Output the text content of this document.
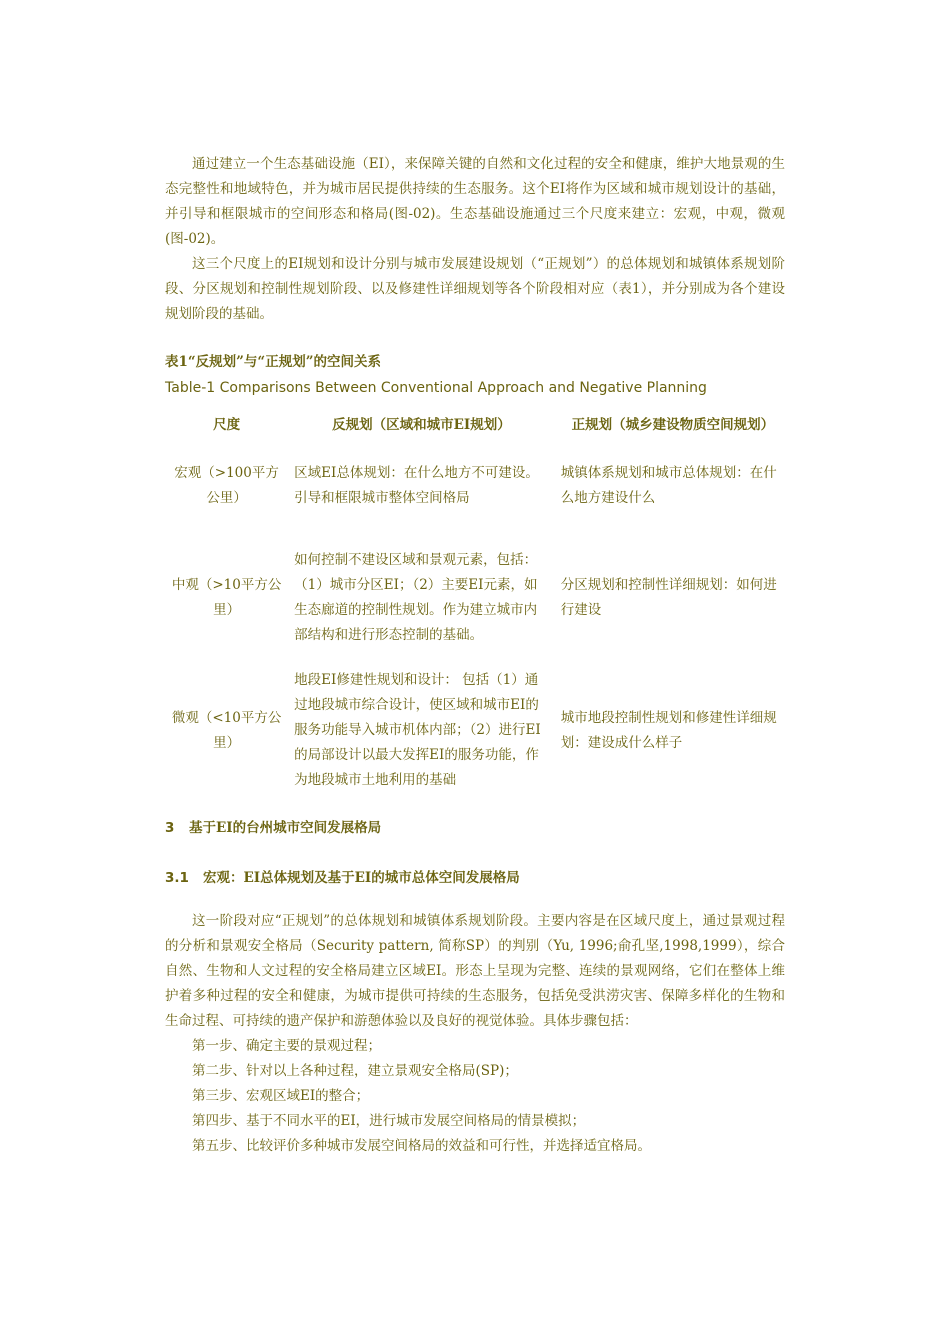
通过建立一个生态基础设施（EI），来保障关键的自然和文化过程的安全和健康，维护大地景观的生态完整性和地域特色，并为城市居民提供持续的生态服务。这个EI将作为区域和城市规划设计的基础，并引导和框限城市的空间形态和格局(图-02)。生态基础设施通过三个尺度来建立：宏观，中观，微观(图-02)。

这三个尺度上的EI规划和设计分别与城市发展建设规划（“正规划”）的总体规划和城镇体系规划阶段、分区规划和控制性规划阶段、以及修建性详细规划等各个阶段相对应（表1），并分别成为各个建设规划阶段的基础。

表1“反规划”与“正规划”的空间关系
Table-1 Comparisons Between Conventional Approach and Negative Planning
尺度	反规划（区域和城市EI规划）	正规划（城乡建设物质空间规划）
宏观（>100平方公里）	区域EI总体规划：在什么地方不可建设。引导和框限城市整体空间格局	城镇体系规划和城市总体规划：在什么地方建设什么
中观（>10平方公里）	如何控制不建设区域和景观元素，包括：（1）城市分区EI；（2）主要EI元素，如生态廊道的控制性规划。作为建立城市内部结构和进行形态控制的基础。	分区规划和控制性详细规划：如何进行建设
微观（<10平方公里）	地段EI修建性规划和设计： 包括（1）通过地段城市综合设计，使区域和城市EI的服务功能导入城市机体内部；（2）进行EI的局部设计以最大发挥EI的服务功能，作为地段城市土地利用的基础	城市地段控制性规划和修建性详细规划：建设成什么样子
3 基于EI的台州城市空间发展格局
3.1 宏观：EI总体规划及基于EI的城市总体空间发展格局

这一阶段对应“正规划”的总体规划和城镇体系规划阶段。主要内容是在区域尺度上，通过景观过程的分析和景观安全格局（Security pattern, 简称SP）的判别（Yu, 1996;俞孔坚,1998,1999），综合自然、生物和人文过程的安全格局建立区域EI。形态上呈现为完整、连续的景观网络，它们在整体上维护着多种过程的安全和健康，为城市提供可持续的生态服务，包括免受洪涝灾害、保障多样化的生物和生命过程、可持续的遗产保护和游憩体验以及良好的视觉体验。具体步骤包括：

第一步、确定主要的景观过程；

第二步、针对以上各种过程，建立景观安全格局(SP)；

第三步、宏观区域EI的整合；

第四步、基于不同水平的EI，进行城市发展空间格局的情景模拟；

第五步、比较评价多种城市发展空间格局的效益和可行性，并选择适宜格局。
